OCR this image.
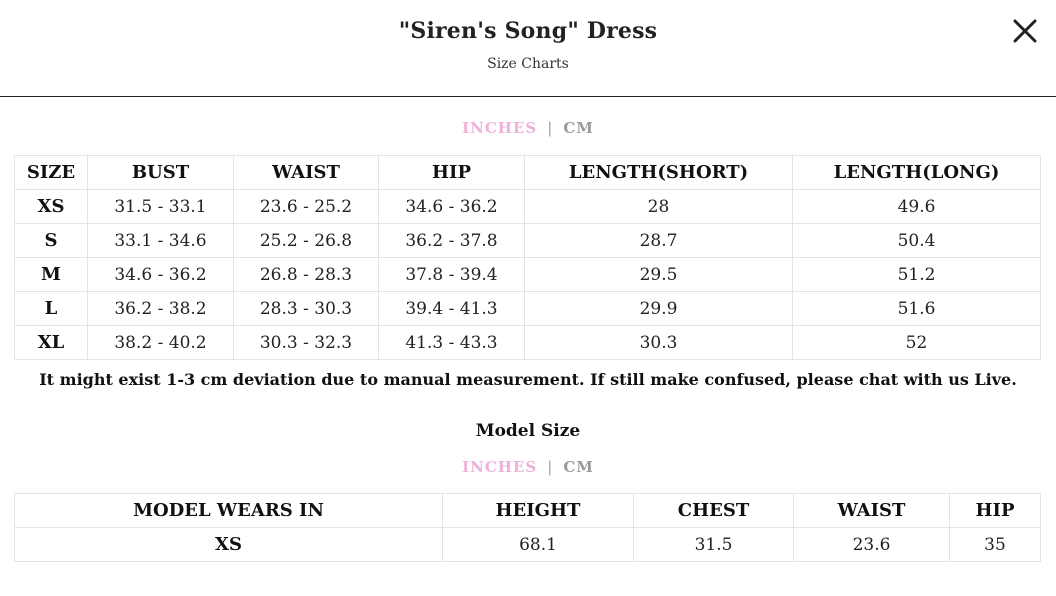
"Siren's Song" Dress
Size Charts
INCHES | CM
SIZE	BUST	WAIST	HIP	LENGTH(SHORT)	LENGTH(LONG)
XS	31.5 - 33.1	23.6 - 25.2	34.6 - 36.2	28	49.6
S	33.1 - 34.6	25.2 - 26.8	36.2 - 37.8	28.7	50.4
M	34.6 - 36.2	26.8 - 28.3	37.8 - 39.4	29.5	51.2
L	36.2 - 38.2	28.3 - 30.3	39.4 - 41.3	29.9	51.6
XL	38.2 - 40.2	30.3 - 32.3	41.3 - 43.3	30.3	52
It might exist 1-3 cm deviation due to manual measurement. If still make confused, please chat with us Live.
Model Size
INCHES | CM
MODEL WEARS IN	HEIGHT	CHEST	WAIST	HIP
XS	68.1	31.5	23.6	35
